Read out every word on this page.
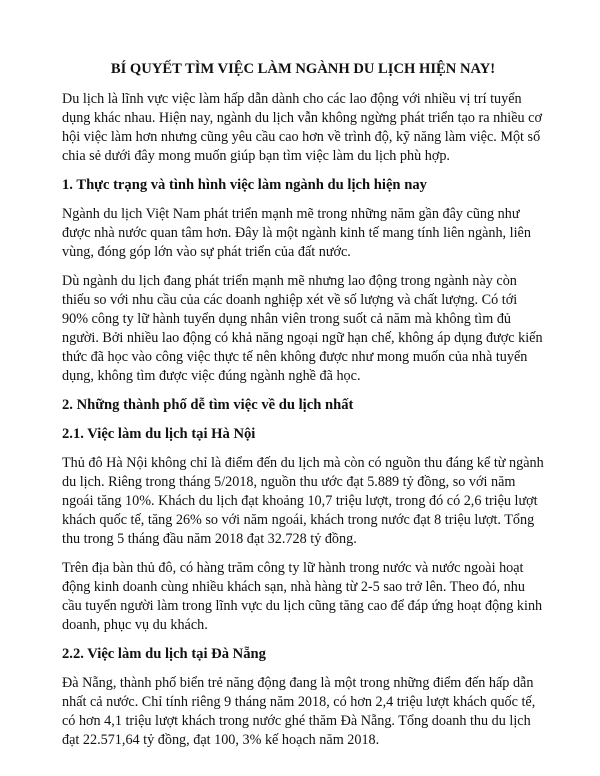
BÍ QUYẾT TÌM VIỆC LÀM NGÀNH DU LỊCH HIỆN NAY!
Du lịch là lĩnh vực việc làm hấp dẫn dành cho các lao động với nhiều vị trí tuyển dụng khác nhau. Hiện nay, ngành du lịch vẫn không ngừng phát triển tạo ra nhiều cơ hội việc làm hơn nhưng cũng yêu cầu cao hơn về trình độ, kỹ năng làm việc. Một số chia sẻ dưới đây mong muốn giúp bạn tìm việc làm du lịch phù hợp.
1. Thực trạng và tình hình việc làm ngành du lịch hiện nay
Ngành du lịch Việt Nam phát triển mạnh mẽ trong những năm gần đây cũng như được nhà nước quan tâm hơn. Đây là một ngành kinh tế mang tính liên ngành, liên vùng, đóng góp lớn vào sự phát triển của đất nước.
Dù ngành du lịch đang phát triển mạnh mẽ nhưng lao động trong ngành này còn thiếu so với nhu cầu của các doanh nghiệp xét về số lượng và chất lượng. Có tới 90% công ty lữ hành tuyển dụng nhân viên trong suốt cả năm mà không tìm đủ người. Bởi nhiều lao động có khả năng ngoại ngữ hạn chế, không áp dụng được kiến thức đã học vào công việc thực tế nên không được như mong muốn của nhà tuyển dụng, không tìm được việc đúng ngành nghề đã học.
2. Những thành phố dễ tìm việc về du lịch nhất
2.1. Việc làm du lịch tại Hà Nội
Thủ đô Hà Nội không chỉ là điểm đến du lịch mà còn có nguồn thu đáng kể từ ngành du lịch. Riêng trong tháng 5/2018, nguồn thu ước đạt 5.889 tỷ đồng, so với năm ngoái tăng 10%. Khách du lịch đạt khoảng 10,7 triệu lượt, trong đó có 2,6 triệu lượt khách quốc tế, tăng 26% so với năm ngoái, khách trong nước đạt 8 triệu lượt. Tổng thu trong 5 tháng đầu năm 2018 đạt 32.728 tỷ đồng.
Trên địa bàn thủ đô, có hàng trăm công ty lữ hành trong nước và nước ngoài hoạt động kinh doanh cùng nhiều khách sạn, nhà hàng từ 2-5 sao trở lên. Theo đó, nhu cầu tuyển người làm trong lĩnh vực du lịch cũng tăng cao để đáp ứng hoạt động kinh doanh, phục vụ du khách.
2.2. Việc làm du lịch tại Đà Nẵng
Đà Nẵng, thành phố biển trẻ năng động đang là một trong những điểm đến hấp dẫn nhất cả nước. Chỉ tính riêng 9 tháng năm 2018, có hơn 2,4 triệu lượt khách quốc tế, có hơn 4,1 triệu lượt khách trong nước ghé thăm Đà Nẵng. Tổng doanh thu du lịch đạt 22.571,64 tỷ đồng, đạt 100, 3% kế hoạch năm 2018.
